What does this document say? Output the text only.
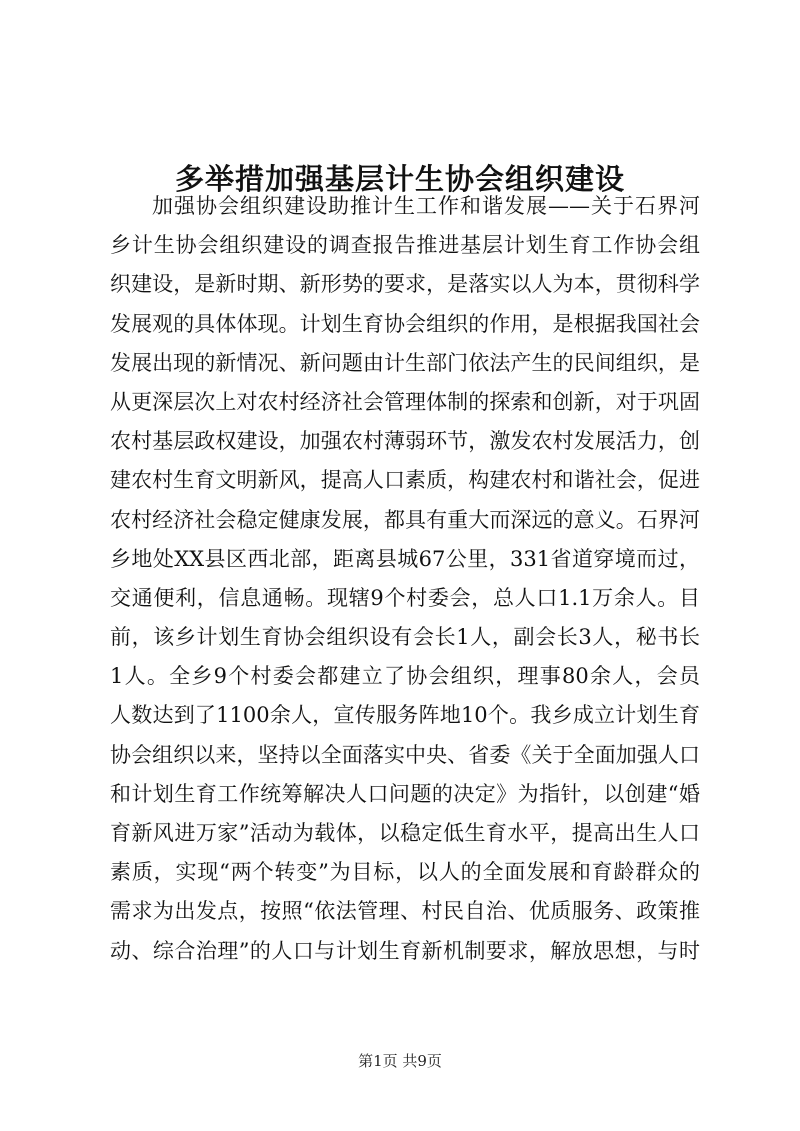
多举措加强基层计生协会组织建设
加强协会组织建设助推计生工作和谐发展——关于石界河
乡计生协会组织建设的调查报告推进基层计划生育工作协会组
织建设，是新时期、新形势的要求，是落实以人为本，贯彻科学
发展观的具体体现。计划生育协会组织的作用，是根据我国社会
发展出现的新情况、新问题由计生部门依法产生的民间组织，是
从更深层次上对农村经济社会管理体制的探索和创新，对于巩固
农村基层政权建设，加强农村薄弱环节，激发农村发展活力，创
建农村生育文明新风，提高人口素质，构建农村和谐社会，促进
农村经济社会稳定健康发展，都具有重大而深远的意义。石界河
乡地处XX县区西北部，距离县城67公里，331省道穿境而过，
交通便利，信息通畅。现辖9个村委会，总人口1.1万余人。目
前，该乡计划生育协会组织设有会长1人，副会长3人，秘书长
1人。全乡9个村委会都建立了协会组织，理事80余人，会员
人数达到了1100余人，宣传服务阵地10个。我乡成立计划生育
协会组织以来，坚持以全面落实中央、省委《关于全面加强人口
和计划生育工作统筹解决人口问题的决定》为指针，以创建“婚
育新风进万家”活动为载体，以稳定低生育水平，提高出生人口
素质，实现“两个转变”为目标，以人的全面发展和育龄群众的
需求为出发点，按照“依法管理、村民自治、优质服务、政策推
动、综合治理”的人口与计划生育新机制要求，解放思想，与时
第1页 共9页
